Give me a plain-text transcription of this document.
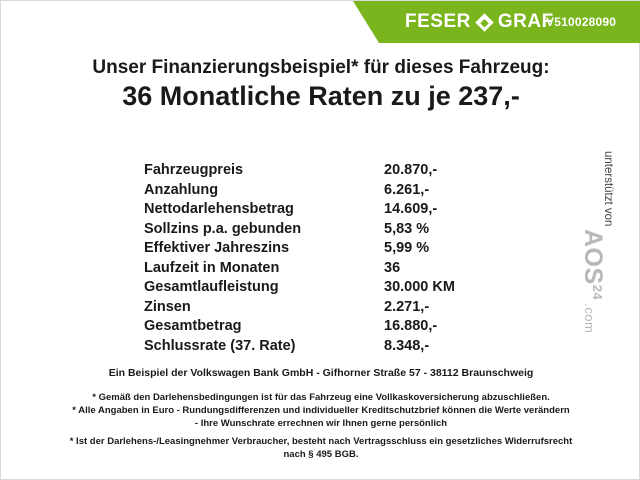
FESER GRAF
V510028090
Unser Finanzierungsbeispiel* für dieses Fahrzeug:
36 Monatliche Raten zu je 237,-
Fahrzeugpreis	20.870,-
Anzahlung	6.261,-
Nettodarlehensbetrag	14.609,-
Sollzins p.a. gebunden	5,83 %
Effektiver Jahreszins	5,99 %
Laufzeit in Monaten	36
Gesamtlaufleistung	30.000 KM
Zinsen	2.271,-
Gesamtbetrag	16.880,-
Schlussrate (37. Rate)	8.348,-
Ein Beispiel der Volkswagen Bank GmbH - Gifhorner Straße 57 - 38112 Braunschweig
* Gemäß den Darlehensbedingungen ist für das Fahrzeug eine Vollkaskoversicherung abzuschließen.
* Alle Angaben in Euro - Rundungsdifferenzen und individueller Kreditschutzbrief können die Werte verändern
- Ihre Wunschrate errechnen wir Ihnen gerne persönlich
* Ist der Darlehens-/Leasingnehmer Verbraucher, besteht nach Vertragsschluss ein gesetzliches Widerrufsrecht
nach § 495 BGB.
unterstützt von
AOS
24
.com
